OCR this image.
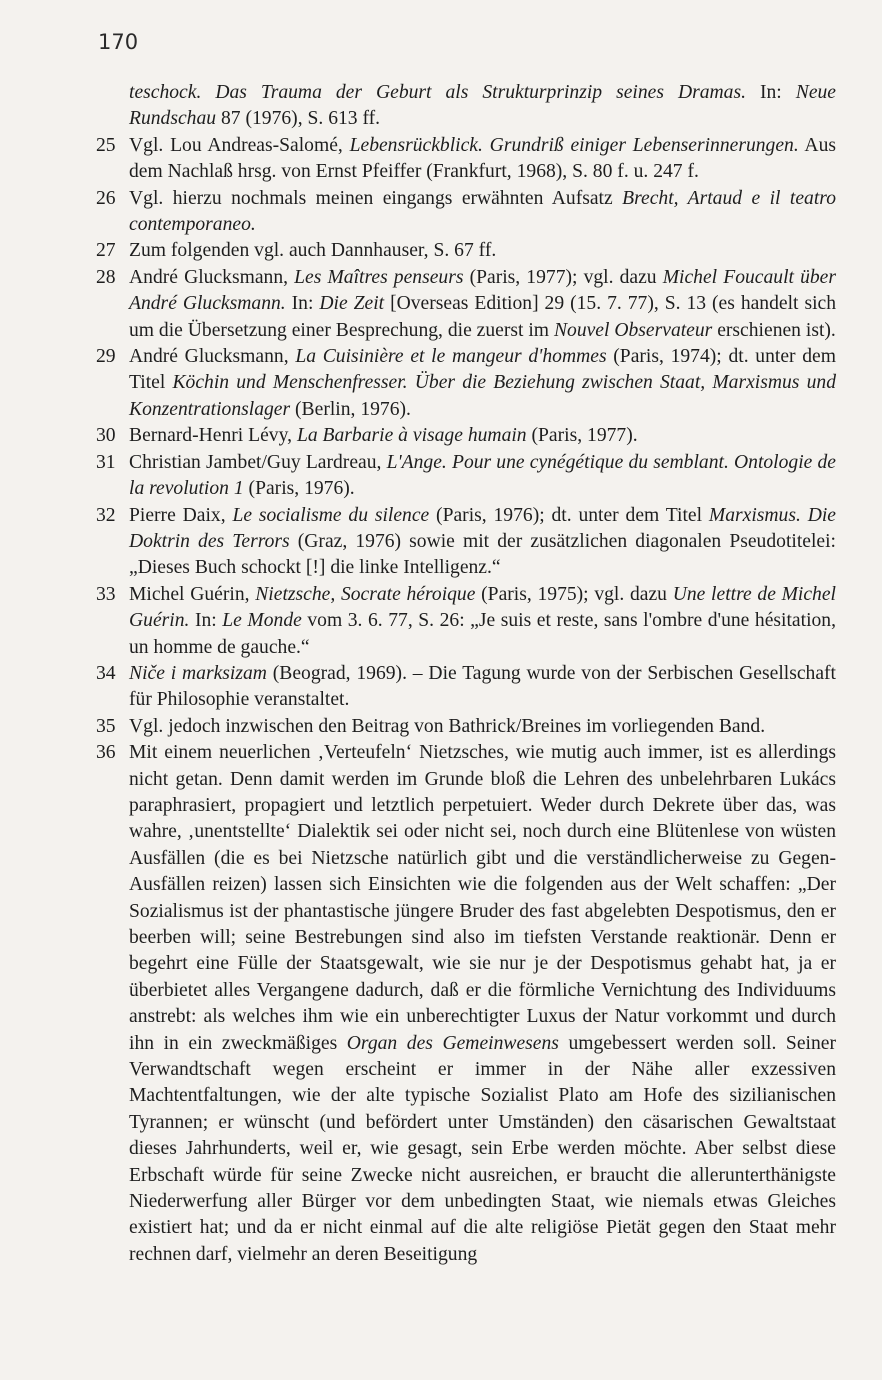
170
teschock. Das Trauma der Geburt als Strukturprinzip seines Dramas. In: Neue Rundschau 87 (1976), S. 613 ff.
25 Vgl. Lou Andreas-Salomé, Lebensrückblick. Grundriß einiger Lebenserinnerungen. Aus dem Nachlaß hrsg. von Ernst Pfeiffer (Frankfurt, 1968), S. 80 f. u. 247 f.
26 Vgl. hierzu nochmals meinen eingangs erwähnten Aufsatz Brecht, Artaud e il teatro contemporaneo.
27 Zum folgenden vgl. auch Dannhauser, S. 67 ff.
28 André Glucksmann, Les Maîtres penseurs (Paris, 1977); vgl. dazu Michel Foucault über André Glucksmann. In: Die Zeit [Overseas Edition] 29 (15. 7. 77), S. 13 (es handelt sich um die Übersetzung einer Besprechung, die zuerst im Nouvel Observateur erschienen ist).
29 André Glucksmann, La Cuisinière et le mangeur d'hommes (Paris, 1974); dt. unter dem Titel Köchin und Menschenfresser. Über die Beziehung zwischen Staat, Marxismus und Konzentrationslager (Berlin, 1976).
30 Bernard-Henri Lévy, La Barbarie à visage humain (Paris, 1977).
31 Christian Jambet/Guy Lardreau, L'Ange. Pour une cynégétique du semblant. Ontologie de la revolution 1 (Paris, 1976).
32 Pierre Daix, Le socialisme du silence (Paris, 1976); dt. unter dem Titel Marxismus. Die Doktrin des Terrors (Graz, 1976) sowie mit der zusätzlichen diagonalen Pseudotitelei: „Dieses Buch schockt [!] die linke Intelligenz.“
33 Michel Guérin, Nietzsche, Socrate héroique (Paris, 1975); vgl. dazu Une lettre de Michel Guérin. In: Le Monde vom 3. 6. 77, S. 26: „Je suis et reste, sans l'ombre d'une hésitation, un homme de gauche.“
34 Niče i marksizam (Beograd, 1969). – Die Tagung wurde von der Serbischen Gesellschaft für Philosophie veranstaltet.
35 Vgl. jedoch inzwischen den Beitrag von Bathrick/Breines im vorliegenden Band.
36 Mit einem neuerlichen ‚Verteufeln‘ Nietzsches, wie mutig auch immer, ist es allerdings nicht getan. Denn damit werden im Grunde bloß die Lehren des unbelehrbaren Lukács paraphrasiert, propagiert und letztlich perpetuiert. Weder durch Dekrete über das, was wahre, ‚unentstellte‘ Dialektik sei oder nicht sei, noch durch eine Blütenlese von wüsten Ausfällen (die es bei Nietzsche natürlich gibt und die verständlicherweise zu Gegen-Ausfällen reizen) lassen sich Einsichten wie die folgenden aus der Welt schaffen: „Der Sozialismus ist der phantastische jüngere Bruder des fast abgelebten Despotismus, den er beerben will; seine Bestrebungen sind also im tiefsten Verstande reaktionär. Denn er begehrt eine Fülle der Staatsgewalt, wie sie nur je der Despotismus gehabt hat, ja er überbietet alles Vergangene dadurch, daß er die förmliche Vernichtung des Individuums anstrebt: als welches ihm wie ein unberechtigter Luxus der Natur vorkommt und durch ihn in ein zweckmäßiges Organ des Gemeinwesens umgebessert werden soll. Seiner Verwandtschaft wegen erscheint er immer in der Nähe aller exzessiven Machtentfaltungen, wie der alte typische Sozialist Plato am Hofe des sizilianischen Tyrannen; er wünscht (und befördert unter Umständen) den cäsarischen Gewaltstaat dieses Jahrhunderts, weil er, wie gesagt, sein Erbe werden möchte. Aber selbst diese Erbschaft würde für seine Zwecke nicht ausreichen, er braucht die allerunterthänigste Niederwerfung aller Bürger vor dem unbedingten Staat, wie niemals etwas Gleiches existiert hat; und da er nicht einmal auf die alte religiöse Pietät gegen den Staat mehr rechnen darf, vielmehr an deren Beseitigung
